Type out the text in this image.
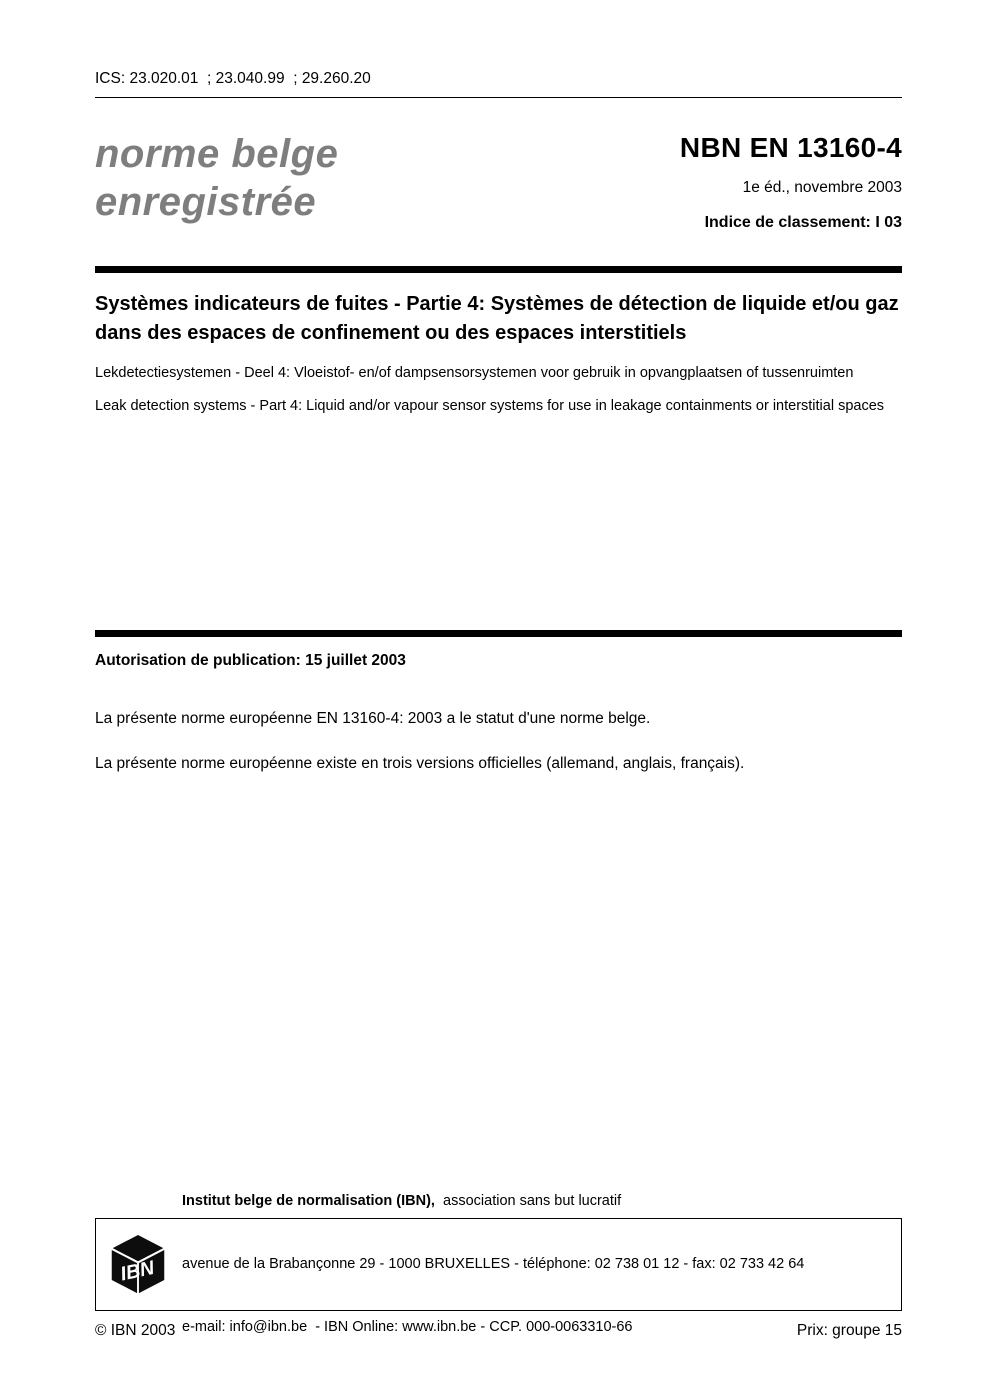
ICS: 23.020.01  ; 23.040.99  ; 29.260.20
norme belge
enregistrée
NBN EN 13160-4
1e éd., novembre 2003
Indice de classement: I 03
Systèmes indicateurs de fuites - Partie 4: Systèmes de détection de liquide et/ou gaz dans des espaces de confinement ou des espaces interstitiels

Lekdetectiesystemen - Deel 4: Vloeistof- en/of dampsensorsystemen voor gebruik in opvangplaatsen of tussenruimten

Leak detection systems - Part 4: Liquid and/or vapour sensor systems for use in leakage containments or interstitial spaces

Autorisation de publication: 15 juillet 2003

La présente norme européenne EN 13160-4: 2003 a le statut d'une norme belge.

La présente norme européenne existe en trois versions officielles (allemand, anglais, français).

IBN

Institut belge de normalisation (IBN),  association sans but lucratif

avenue de la Brabançonne 29 - 1000 BRUXELLES - téléphone: 02 738 01 12 - fax: 02 733 42 64

e-mail: info@ibn.be  - IBN Online: www.ibn.be - CCP. 000-0063310-66

© IBN 2003	Prix: groupe 15
